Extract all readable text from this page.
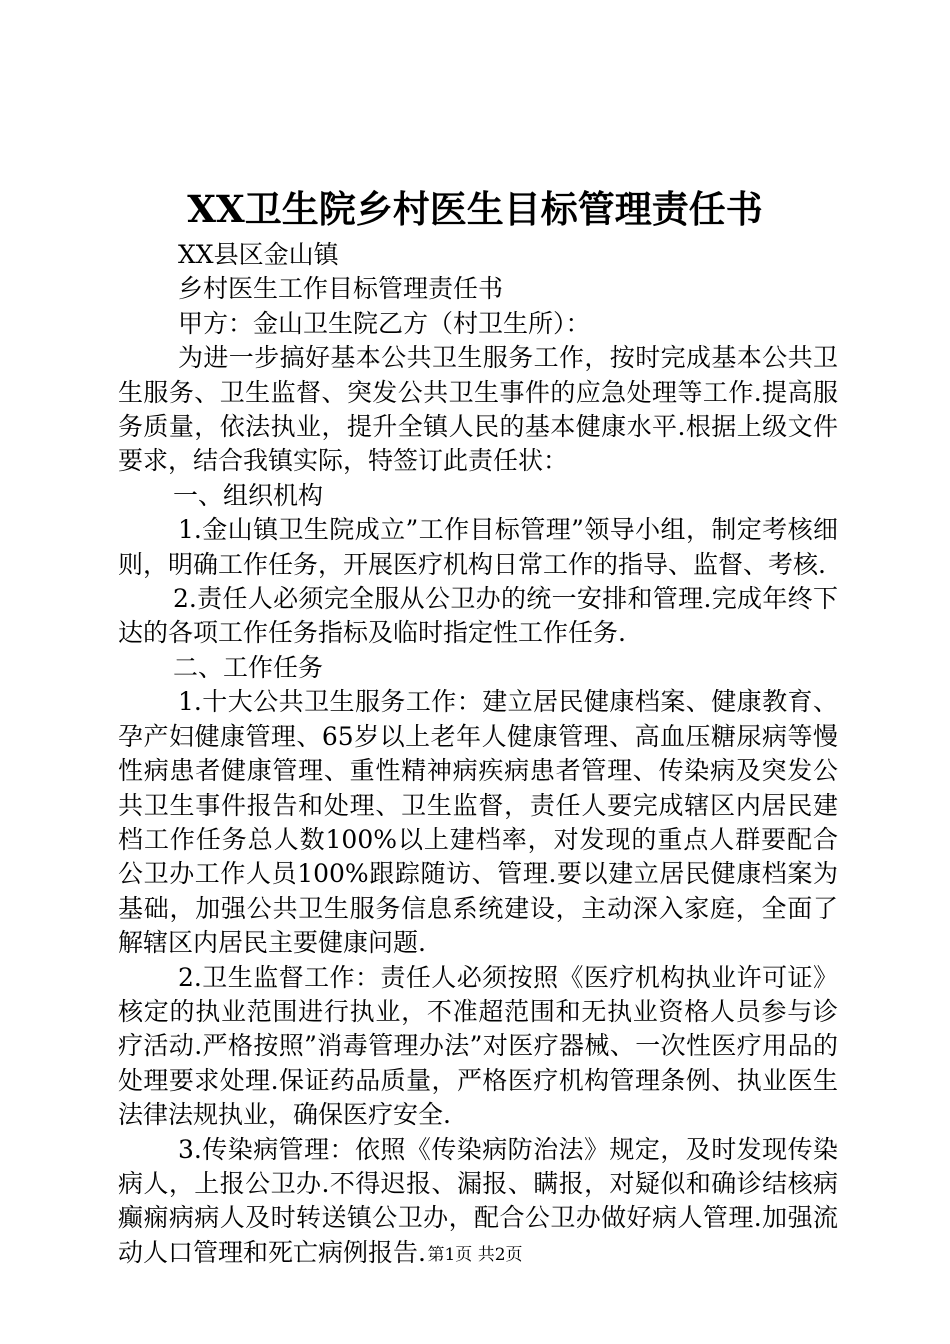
XX卫生院乡村医生目标管理责任书

XX县区金山镇

乡村医生工作目标管理责任书

甲方：金山卫生院乙方（村卫生所）：

为进一步搞好基本公共卫生服务工作，按时完成基本公共卫生服务、卫生监督、突发公共卫生事件的应急处理等工作.提高服务质量，依法执业，提升全镇人民的基本健康水平.根据上级文件要求，结合我镇实际，特签订此责任状：

一、组织机构

1.金山镇卫生院成立”工作目标管理”领导小组，制定考核细则，明确工作任务，开展医疗机构日常工作的指导、监督、考核.

2.责任人必须完全服从公卫办的统一安排和管理.完成年终下达的各项工作任务指标及临时指定性工作任务.

二、工作任务

1.十大公共卫生服务工作：建立居民健康档案、健康教育、孕产妇健康管理、65岁以上老年人健康管理、高血压糖尿病等慢性病患者健康管理、重性精神病疾病患者管理、传染病及突发公共卫生事件报告和处理、卫生监督，责任人要完成辖区内居民建档工作任务总人数100%以上建档率，对发现的重点人群要配合公卫办工作人员100%跟踪随访、管理.要以建立居民健康档案为基础，加强公共卫生服务信息系统建设，主动深入家庭，全面了解辖区内居民主要健康问题.

2.卫生监督工作：责任人必须按照《医疗机构执业许可证》核定的执业范围进行执业，不准超范围和无执业资格人员参与诊疗活动.严格按照”消毒管理办法”对医疗器械、一次性医疗用品的处理要求处理.保证药品质量，严格医疗机构管理条例、执业医生法律法规执业，确保医疗安全.

3.传染病管理：依照《传染病防治法》规定，及时发现传染病人，上报公卫办.不得迟报、漏报、瞒报，对疑似和确诊结核病癫痫病病人及时转送镇公卫办，配合公卫办做好病人管理.加强流动人口管理和死亡病例报告. 第1页 共2页
